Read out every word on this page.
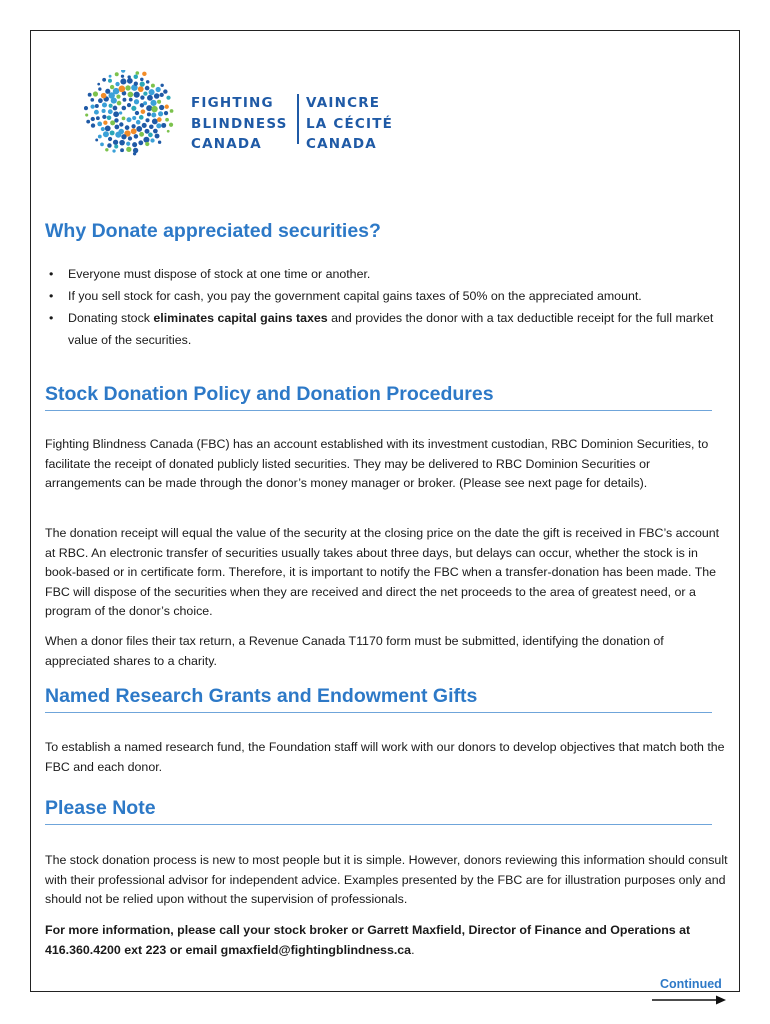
FIGHTING
BLINDNESS
CANADA
VAINCRE
LA CÉCITÉ
CANADA
Why Donate appreciated securities?
• Everyone must dispose of stock at one time or another.
• If you sell stock for cash, you pay the government capital gains taxes of 50% on the appreciated amount.
• Donating stock eliminates capital gains taxes and provides the donor with a tax deductible receipt for the full market value of the securities.
Stock Donation Policy and Donation Procedures

Fighting Blindness Canada (FBC) has an account established with its investment custodian, RBC Dominion Securities, to facilitate the receipt of donated publicly listed securities. They may be delivered to RBC Dominion Securities or arrangements can be made through the donor’s money manager or broker. (Please see next page for details).

The donation receipt will equal the value of the security at the closing price on the date the gift is received in FBC’s account at RBC. An electronic transfer of securities usually takes about three days, but delays can occur, whether the stock is in book-based or in certificate form. Therefore, it is important to notify the FBC when a transfer-donation has been made. The FBC will dispose of the securities when they are received and direct the net proceeds to the area of greatest need, or a program of the donor’s choice.

When a donor files their tax return, a Revenue Canada T1170 form must be submitted, identifying the donation of appreciated shares to a charity.

Named Research Grants and Endowment Gifts

To establish a named research fund, the Foundation staff will work with our donors to develop objectives that match both the FBC and each donor.

Please Note

The stock donation process is new to most people but it is simple. However, donors reviewing this information should consult with their professional advisor for independent advice. Examples presented by the FBC are for illustration purposes only and should not be relied upon without the supervision of professionals.

For more information, please call your stock broker or Garrett Maxfield, Director of Finance and Operations at 416.360.4200 ext 223 or email gmaxfield@fightingblindness.ca.

Continued
